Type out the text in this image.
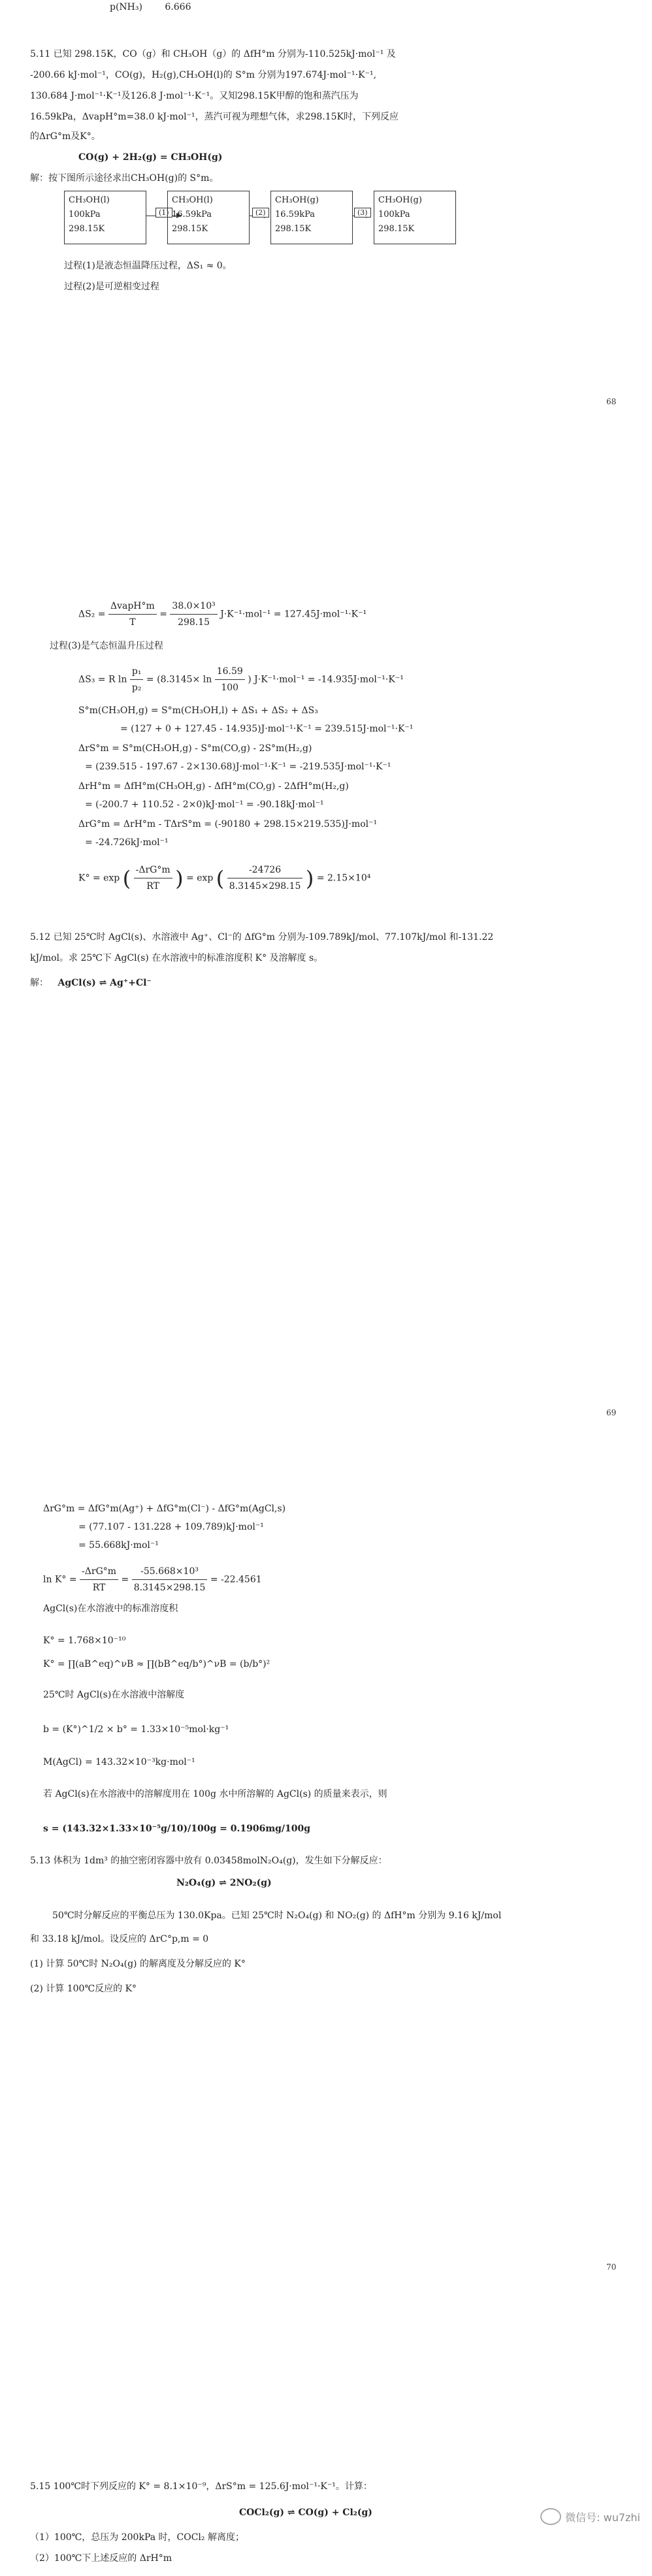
p(NH₃) 6.666
5.11 已知 298.15K，CO（g）和 CH₃OH（g）的 ΔfH°m 分别为-110.525kJ·mol⁻¹ 及
-200.66 kJ·mol⁻¹，CO(g)，H₂(g),CH₃OH(l)的 S°m 分别为197.674J·mol⁻¹·K⁻¹,
130.684 J·mol⁻¹·K⁻¹及126.8 J·mol⁻¹·K⁻¹。又知298.15K甲醇的饱和蒸汽压为
16.59kPa，ΔvapH°m=38.0 kJ·mol⁻¹，蒸汽可视为理想气体，求298.15K时，下列反应
的ΔrG°m及K°。
CO(g) + 2H₂(g) = CH₃OH(g)
解：按下图所示途径求出CH₃OH(g)的 S°m。
CH₃OH(l)
100kPa
298.15K
(1)
CH₃OH(l)
16.59kPa
298.15K
(2)
CH₃OH(g)
16.59kPa
298.15K
(3)
CH₃OH(g)
100kPa
298.15K
过程(1)是液态恒温降压过程，ΔS₁ ≈ 0。
过程(2)是可逆相变过程
68
$\Delta S_2 = \frac{\text{ΔvapH°m}}{T} = \frac{\text{38.0×10³}}{298.15} J\cdot K^{-1}\cdot mol^{-1} = 127.45J\cdot mol^{-1}\cdot K^{-1}$
过程(3)是气态恒温升压过程
ΔS₃ = R $\ln \frac{\text{p₁}}{\text{p₂}} = (8.3145\times \ln \frac{16.59}{100}$ ) J·K⁻¹·mol⁻¹ = -14.935J·mol⁻¹·K⁻¹
S°m(CH₃OH,g) = S°m(CH₃OH,l) + ΔS₁ + ΔS₂ + ΔS₃
= (127 + 0 + 127.45 - 14.935)J·mol⁻¹·K⁻¹ = 239.515J·mol⁻¹·K⁻¹
ΔrS°m = S°m(CH₃OH,g) - S°m(CO,g) - 2S°m(H₂,g)
= (239.515 - 197.67 - 2×130.68)J·mol⁻¹·K⁻¹ = -219.535J·mol⁻¹·K⁻¹
ΔrH°m = ΔfH°m(CH₃OH,g) - ΔfH°m(CO,g) - 2ΔfH°m(H₂,g)
= (-200.7 + 110.52 - 2×0)kJ·mol⁻¹ = -90.18kJ·mol⁻¹
ΔrG°m = ΔrH°m - TΔrS°m = (-90180 + 298.15×219.535)J·mol⁻¹
= -24.726kJ·mol⁻¹
K° = exp ( $\frac{\text{-ΔrG°m}}{RT}$ ) = exp ( $\frac{-24726}{8.3145\times 298.15}$ ) = 2.15×10⁴
5.12 已知 25℃时 AgCl(s)、水溶液中 Ag⁺、Cl⁻的 ΔfG°m 分别为-109.789kJ/mol、77.107kJ/mol 和-131.22
kJ/mol。求 25℃下 AgCl(s) 在水溶液中的标准溶度积 K° 及溶解度 s。
解： AgCl(s) ⇌ Ag⁺+Cl⁻
69
ΔrG°m = ΔfG°m(Ag⁺) + ΔfG°m(Cl⁻) - ΔfG°m(AgCl,s)
= (77.107 - 131.228 + 109.789)kJ·mol⁻¹
= 55.668kJ·mol⁻¹
$\ln K^\circ = \frac{\text{-ΔrG°m}}{RT} = \frac{\text{-55.668×10³}}{8.3145\times 298.15} = -22.4561$
AgCl(s)在水溶液中的标准溶度积
K° = 1.768×10⁻¹⁰
K° = ∏(aB^eq)^νB ≈ ∏(bB^eq/b°)^νB = (b/b°)²
25℃时 AgCl(s)在水溶液中溶解度
b = (K°)^1/2 × b° = 1.33×10⁻⁵mol·kg⁻¹
M(AgCl) = 143.32×10⁻³kg·mol⁻¹
若 AgCl(s)在水溶液中的溶解度用在 100g 水中所溶解的 AgCl(s) 的质量来表示，则
s = (143.32×1.33×10⁻⁵g/10)/100g = 0.1906mg/100g
5.13 体积为 1dm³ 的抽空密闭容器中放有 0.03458molN₂O₄(g)，发生如下分解反应：
N₂O₄(g) ⇌ 2NO₂(g)
50℃时分解反应的平衡总压为 130.0Kpa。已知 25℃时 N₂O₄(g) 和 NO₂(g) 的 ΔfH°m 分别为 9.16 kJ/mol
和 33.18 kJ/mol。设反应的 ΔrC°p,m = 0
(1) 计算 50℃时 N₂O₄(g) 的解离度及分解反应的 K°
(2) 计算 100℃反应的 K°
70
5.15 100℃时下列反应的 K° = 8.1×10⁻⁹，ΔrS°m = 125.6J·mol⁻¹·K⁻¹。计算：
COCl₂(g) ⇌ CO(g) + Cl₂(g)
（1）100℃，总压为 200kPa 时，COCl₂ 解离度；
（2）100℃下上述反应的 ΔrH°m
微信号: wu7zhi
